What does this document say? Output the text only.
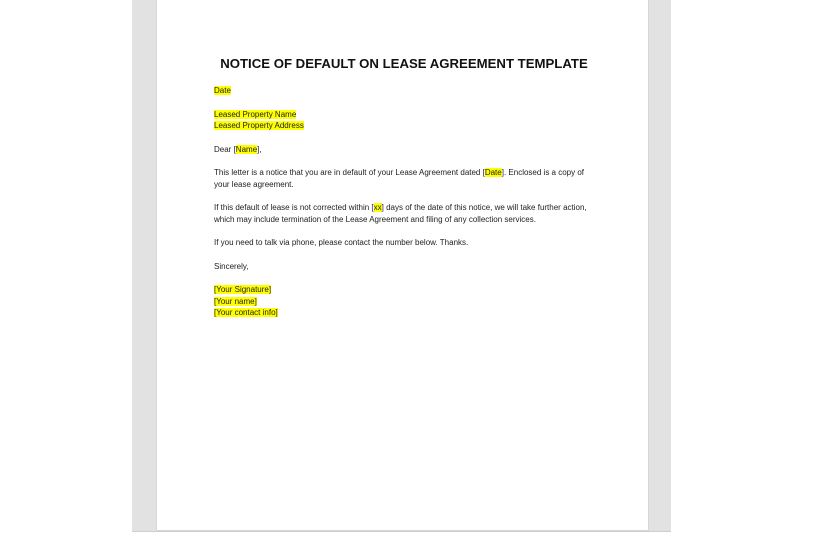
NOTICE OF DEFAULT ON LEASE AGREEMENT TEMPLATE
Date
Leased Property Name
Leased Property Address
Dear [Name],
This letter is a notice that you are in default of your Lease Agreement dated [Date]. Enclosed is a copy of your lease agreement.
If this default of lease is not corrected within [xx] days of the date of this notice, we will take further action, which may include termination of the Lease Agreement and filing of any collection services.
If you need to talk via phone, please contact the number below. Thanks.
Sincerely,
[Your Signature]
[Your name]
[Your contact info]
